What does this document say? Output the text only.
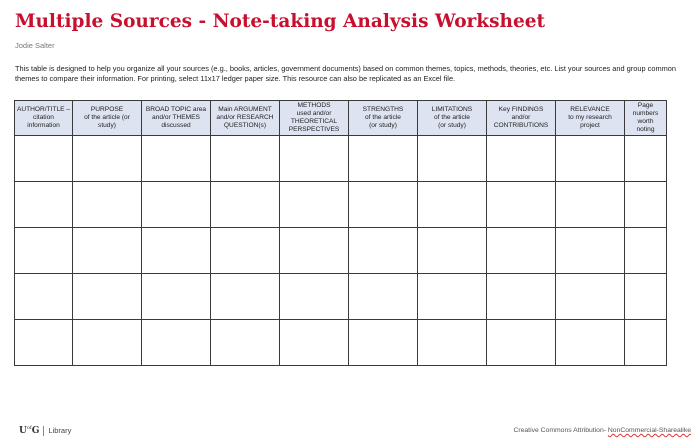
Multiple Sources - Note-taking Analysis Worksheet
Jodie Salter

This table is designed to help you organize all your sources (e.g., books, articles, government documents) based on common themes, topics, methods, theories, etc. List your sources and group common themes to compare their information. For printing, select 11x17 ledger paper size. This resource can also be replicated as an Excel file.

AUTHOR/TITLE –
citation
information	PURPOSE
of the article (or
study)	BROAD TOPIC area
and/or THEMES
discussed	Main ARGUMENT
and/or RESEARCH
QUESTION(s)	METHODS
used and/or
THEORETICAL
PERSPECTIVES	STRENGTHS
of the article
(or study)	LIMITATIONS
of the article
(or study)	Key FINDINGS
and/or
CONTRIBUTIONS	RELEVANCE
to my research
project	Page
numbers
worth
noting

$U^{of}G$ Library	Creative Commons Attribution- NonCommercial-Sharealike
